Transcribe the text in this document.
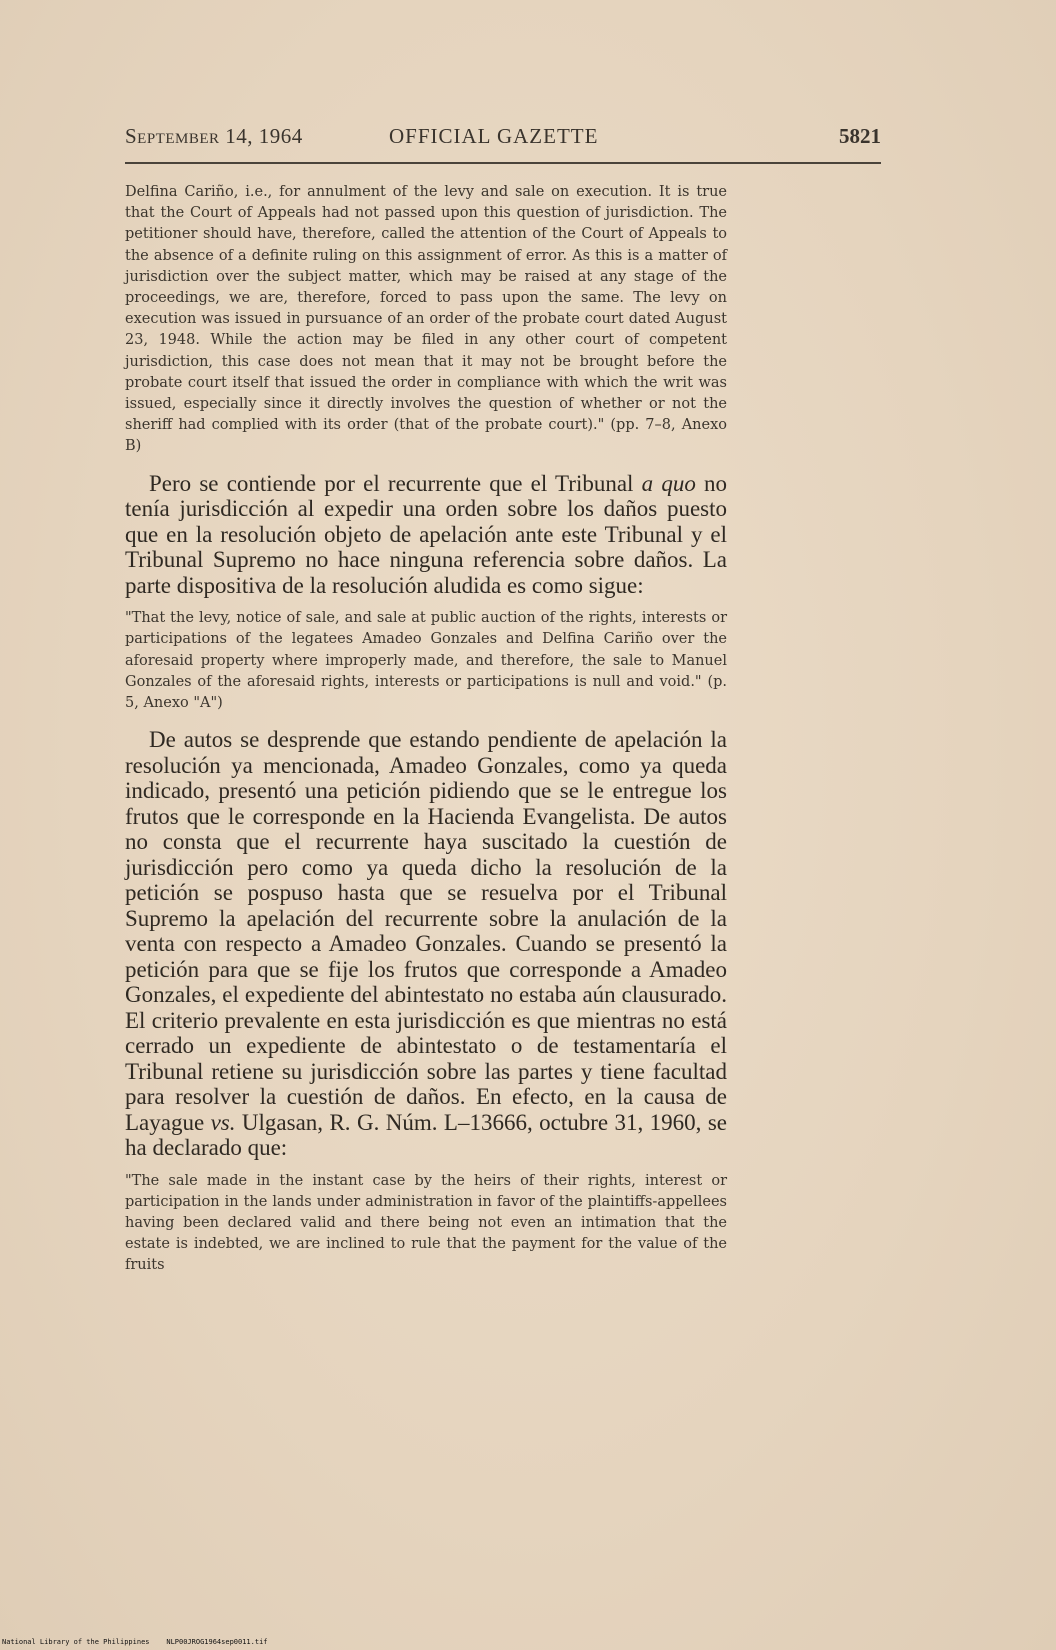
September 14, 1964	OFFICIAL GAZETTE	5821

Delfina Cariño, i.e., for annulment of the levy and sale on execution. It is true that the Court of Appeals had not passed upon this question of jurisdiction. The petitioner should have, therefore, called the attention of the Court of Appeals to the absence of a definite ruling on this assignment of error. As this is a matter of jurisdiction over the subject matter, which may be raised at any stage of the proceedings, we are, therefore, forced to pass upon the same. The levy on execution was issued in pursuance of an order of the probate court dated August 23, 1948. While the action may be filed in any other court of competent jurisdiction, this case does not mean that it may not be brought before the probate court itself that issued the order in compliance with which the writ was issued, especially since it directly involves the question of whether or not the sheriff had complied with its order (that of the probate court)." (pp. 7–8, Anexo B)

Pero se contiende por el recurrente que el Tribunal a quo no tenía jurisdicción al expedir una orden sobre los daños puesto que en la resolución objeto de apelación ante este Tribunal y el Tribunal Supremo no hace ninguna referencia sobre daños. La parte dispositiva de la resolución aludida es como sigue:

"That the levy, notice of sale, and sale at public auction of the rights, interests or participations of the legatees Amadeo Gonzales and Delfina Cariño over the aforesaid property where improperly made, and therefore, the sale to Manuel Gonzales of the aforesaid rights, interests or participations is null and void." (p. 5, Anexo "A")

De autos se desprende que estando pendiente de apelación la resolución ya mencionada, Amadeo Gonzales, como ya queda indicado, presentó una petición pidiendo que se le entregue los frutos que le corresponde en la Hacienda Evangelista. De autos no consta que el recurrente haya suscitado la cuestión de jurisdicción pero como ya queda dicho la resolución de la petición se pospuso hasta que se resuelva por el Tribunal Supremo la apelación del recurrente sobre la anulación de la venta con respecto a Amadeo Gonzales. Cuando se presentó la petición para que se fije los frutos que corresponde a Amadeo Gonzales, el expediente del abintestato no estaba aún clausurado. El criterio prevalente en esta jurisdicción es que mientras no está cerrado un expediente de abintestato o de testamentaría el Tribunal retiene su jurisdicción sobre las partes y tiene facultad para resolver la cuestión de daños. En efecto, en la causa de Layague vs. Ulgasan, R. G. Núm. L–13666, octubre 31, 1960, se ha declarado que:

"The sale made in the instant case by the heirs of their rights, interest or participation in the lands under administration in favor of the plaintiffs-appellees having been declared valid and there being not even an intimation that the estate is indebted, we are inclined to rule that the payment for the value of the fruits

National Library of the Philippines    NLP00JROG1964sep0011.tif
